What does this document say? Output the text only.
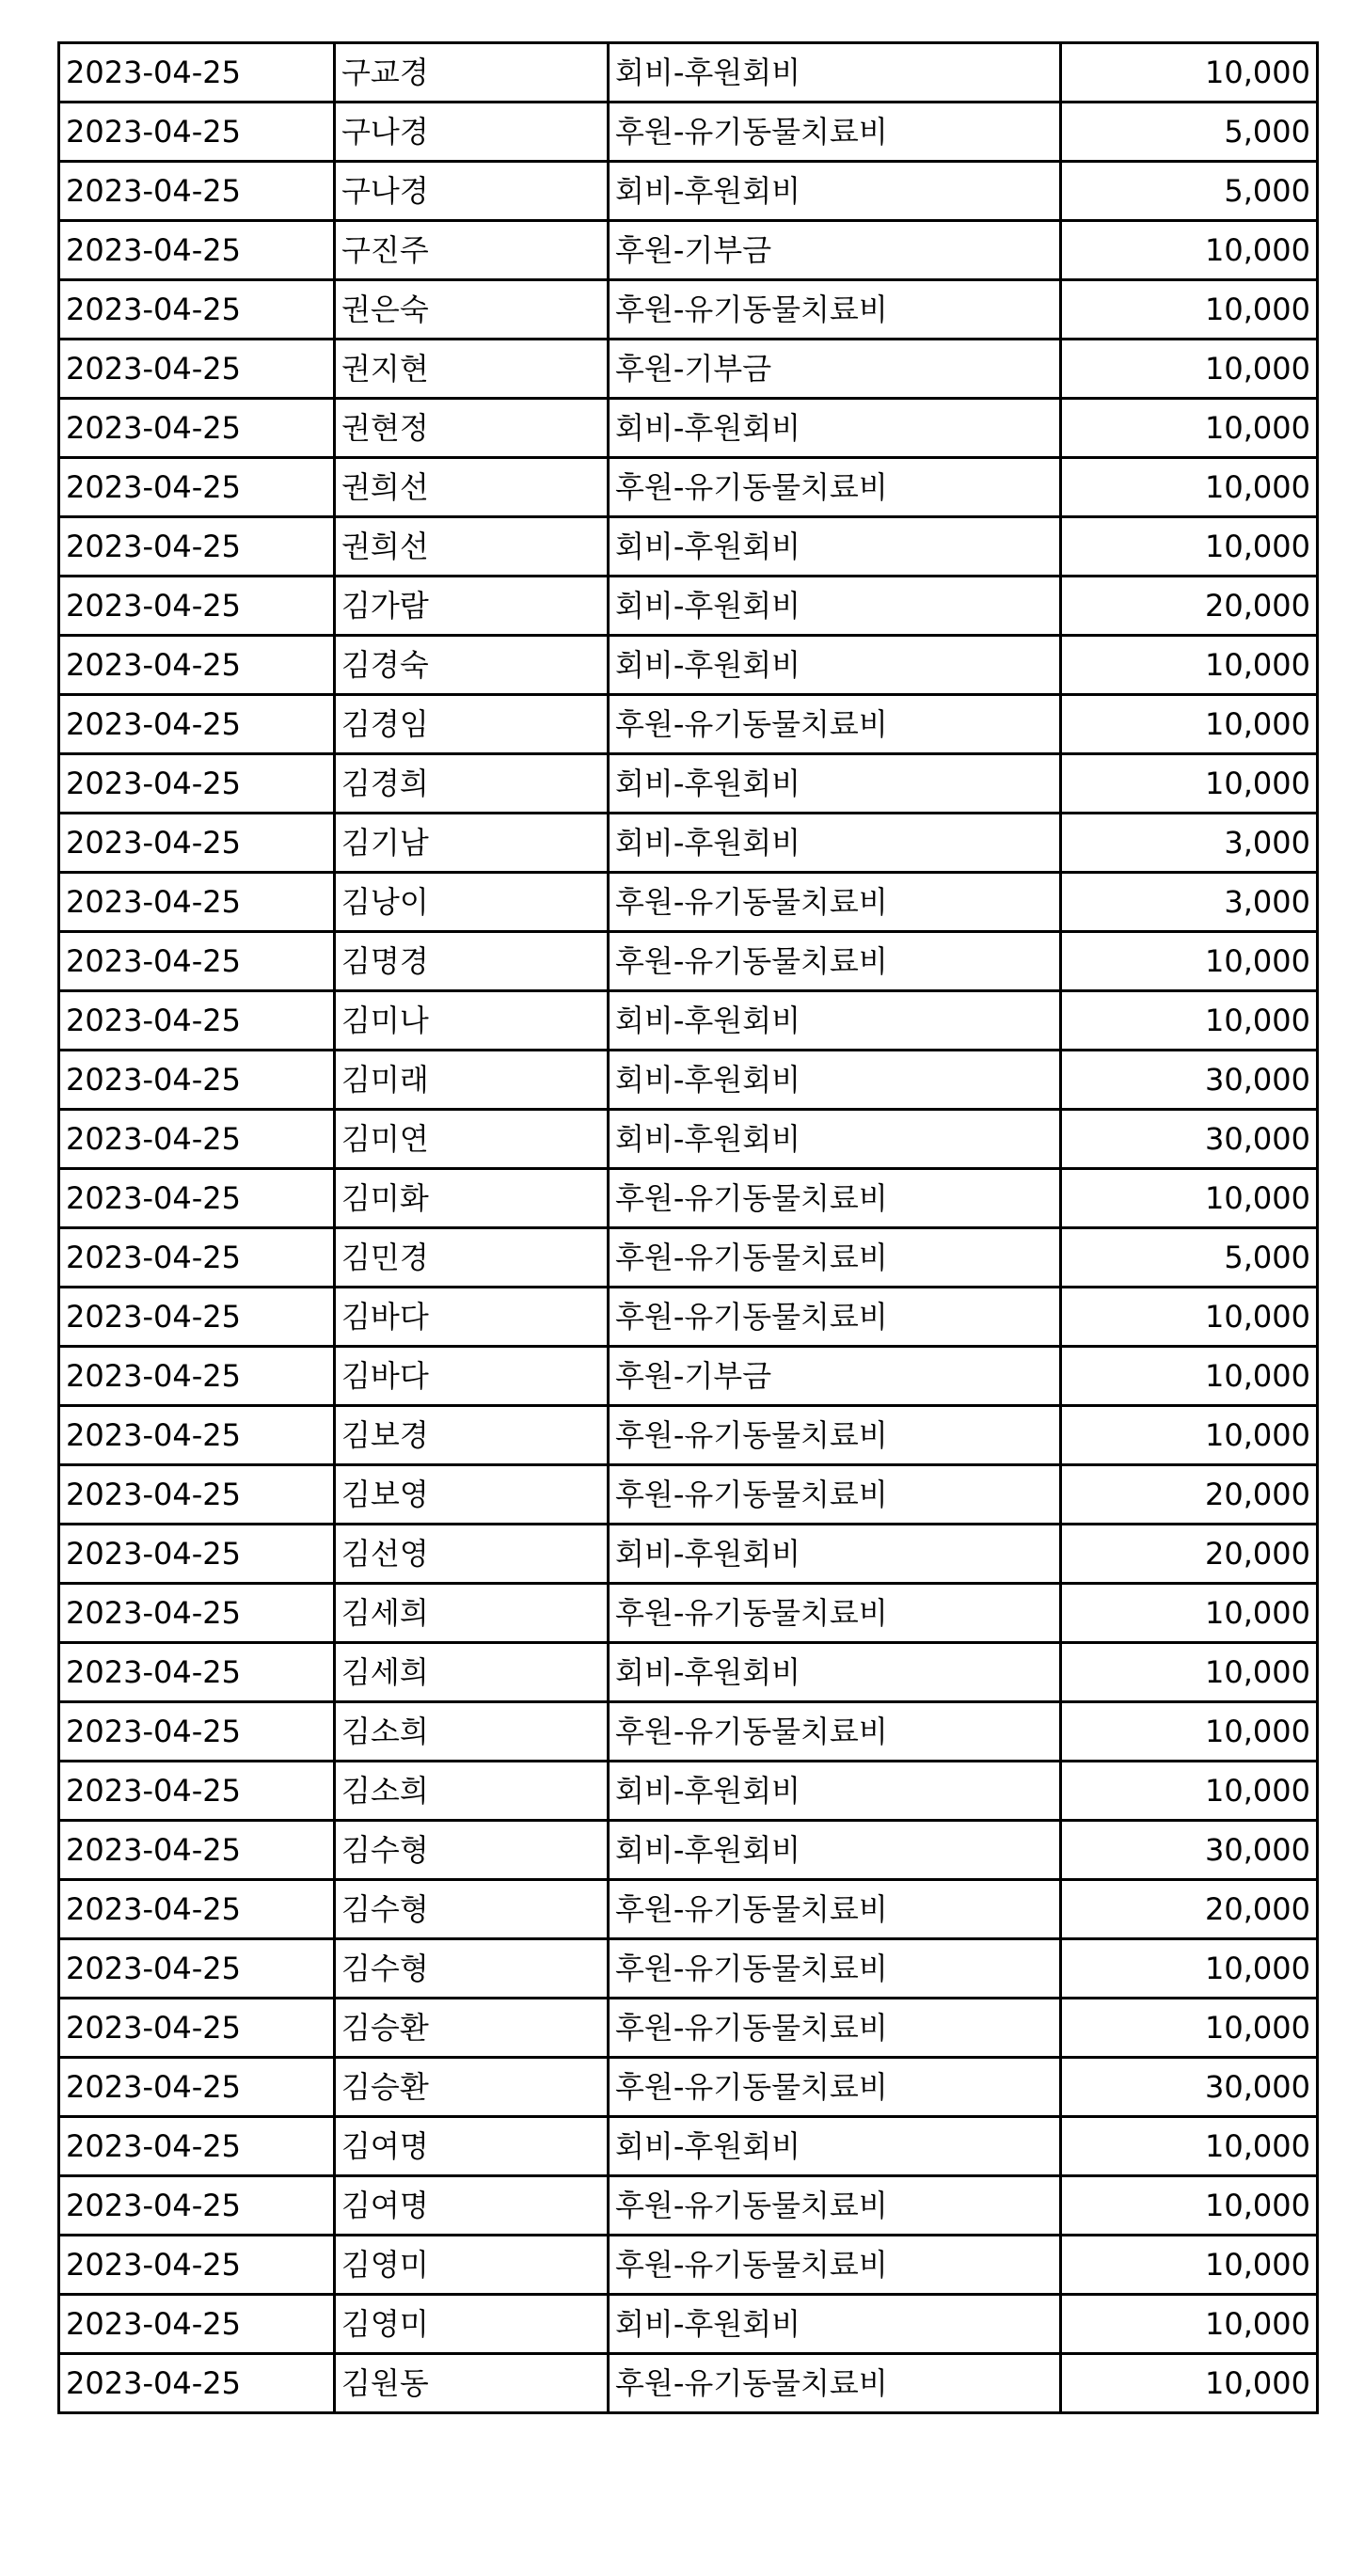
2023-04-25	구교경	회비-후원회비	10,000
2023-04-25	구나경	후원-유기동물치료비	5,000
2023-04-25	구나경	회비-후원회비	5,000
2023-04-25	구진주	후원-기부금	10,000
2023-04-25	권은숙	후원-유기동물치료비	10,000
2023-04-25	권지현	후원-기부금	10,000
2023-04-25	권현정	회비-후원회비	10,000
2023-04-25	권희선	후원-유기동물치료비	10,000
2023-04-25	권희선	회비-후원회비	10,000
2023-04-25	김가람	회비-후원회비	20,000
2023-04-25	김경숙	회비-후원회비	10,000
2023-04-25	김경임	후원-유기동물치료비	10,000
2023-04-25	김경희	회비-후원회비	10,000
2023-04-25	김기남	회비-후원회비	3,000
2023-04-25	김낭이	후원-유기동물치료비	3,000
2023-04-25	김명경	후원-유기동물치료비	10,000
2023-04-25	김미나	회비-후원회비	10,000
2023-04-25	김미래	회비-후원회비	30,000
2023-04-25	김미연	회비-후원회비	30,000
2023-04-25	김미화	후원-유기동물치료비	10,000
2023-04-25	김민경	후원-유기동물치료비	5,000
2023-04-25	김바다	후원-유기동물치료비	10,000
2023-04-25	김바다	후원-기부금	10,000
2023-04-25	김보경	후원-유기동물치료비	10,000
2023-04-25	김보영	후원-유기동물치료비	20,000
2023-04-25	김선영	회비-후원회비	20,000
2023-04-25	김세희	후원-유기동물치료비	10,000
2023-04-25	김세희	회비-후원회비	10,000
2023-04-25	김소희	후원-유기동물치료비	10,000
2023-04-25	김소희	회비-후원회비	10,000
2023-04-25	김수형	회비-후원회비	30,000
2023-04-25	김수형	후원-유기동물치료비	20,000
2023-04-25	김수형	후원-유기동물치료비	10,000
2023-04-25	김승환	후원-유기동물치료비	10,000
2023-04-25	김승환	후원-유기동물치료비	30,000
2023-04-25	김여명	회비-후원회비	10,000
2023-04-25	김여명	후원-유기동물치료비	10,000
2023-04-25	김영미	후원-유기동물치료비	10,000
2023-04-25	김영미	회비-후원회비	10,000
2023-04-25	김원동	후원-유기동물치료비	10,000
